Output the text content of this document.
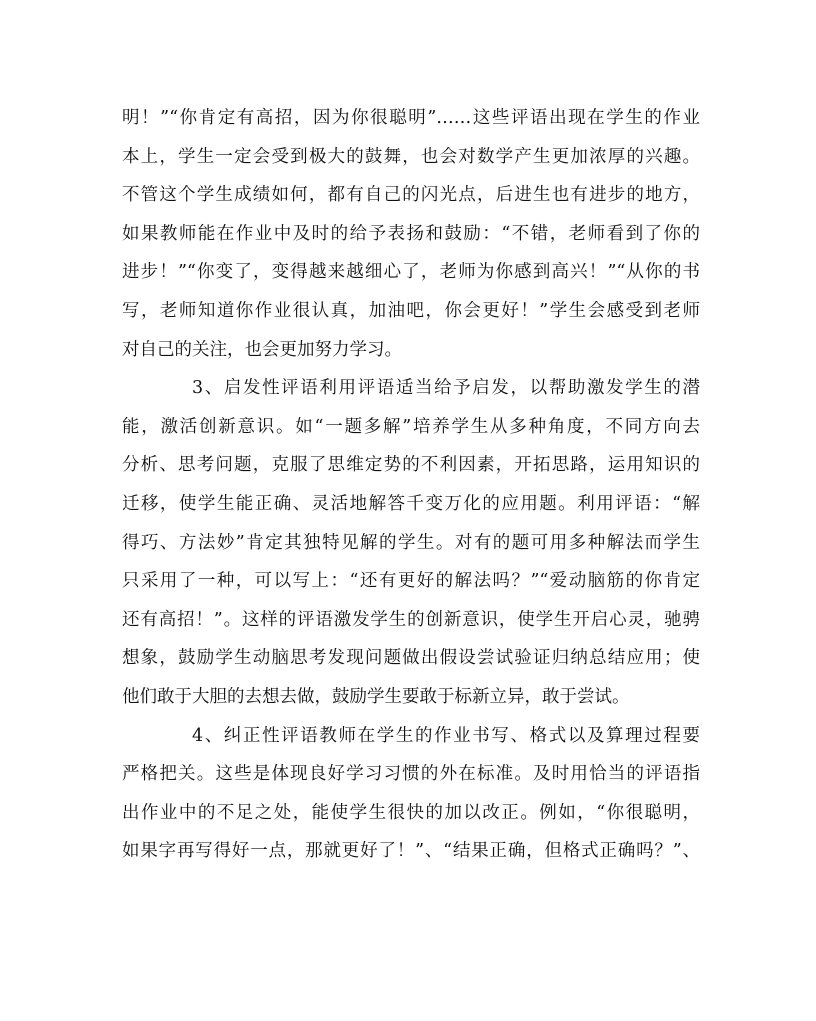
明！”“你肯定有高招，因为你很聪明”……这些评语出现在学生的作业
本上，学生一定会受到极大的鼓舞，也会对数学产生更加浓厚的兴趣。
不管这个学生成绩如何，都有自己的闪光点，后进生也有进步的地方，
如果教师能在作业中及时的给予表扬和鼓励：“不错，老师看到了你的
进步！”“你变了，变得越来越细心了，老师为你感到高兴！”“从你的书
写，老师知道你作业很认真，加油吧，你会更好！”学生会感受到老师
对自己的关注，也会更加努力学习。
3、启发性评语利用评语适当给予启发，以帮助激发学生的潜
能，激活创新意识。如“一题多解”培养学生从多种角度，不同方向去
分析、思考问题，克服了思维定势的不利因素，开拓思路，运用知识的
迁移，使学生能正确、灵活地解答千变万化的应用题。利用评语：“解
得巧、方法妙”肯定其独特见解的学生。对有的题可用多种解法而学生
只采用了一种，可以写上：“还有更好的解法吗？”“爱动脑筋的你肯定
还有高招！”。这样的评语激发学生的创新意识，使学生开启心灵，驰骋
想象，鼓励学生动脑思考发现问题做出假设尝试验证归纳总结应用；使
他们敢于大胆的去想去做，鼓励学生要敢于标新立异，敢于尝试。
4、纠正性评语教师在学生的作业书写、格式以及算理过程要
严格把关。这些是体现良好学习习惯的外在标准。及时用恰当的评语指
出作业中的不足之处，能使学生很快的加以改正。例如，“你很聪明，
如果字再写得好一点，那就更好了！”、“结果正确，但格式正确吗？”、
